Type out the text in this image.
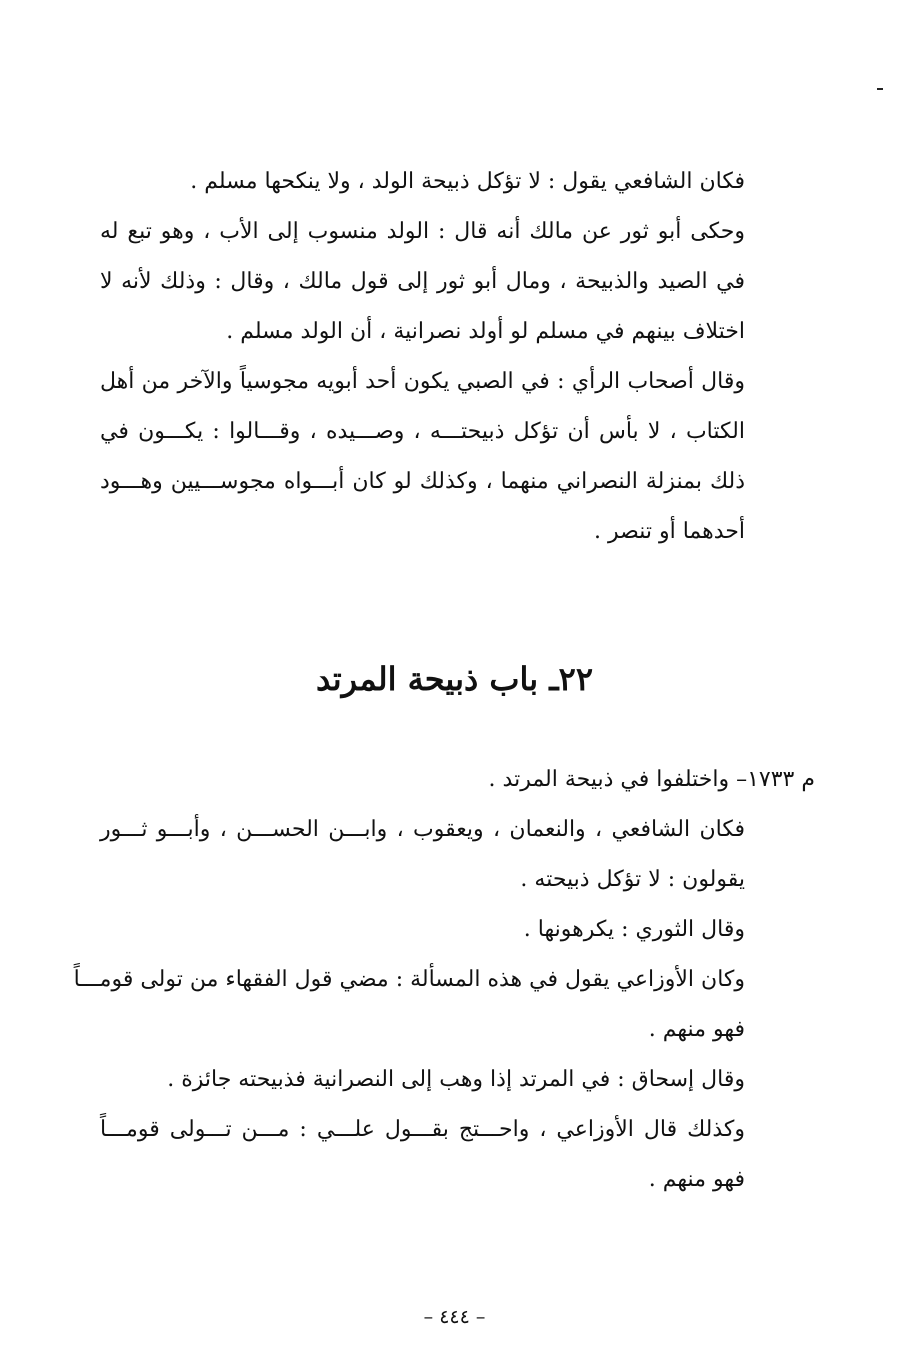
فكان الشافعي يقول : لا تؤكل ذبيحة الولد ، ولا ينكحها مسلم .
وحكى أبو ثور عن مالك أنه قال : الولد منسوب إلى الأب ، وهو تبع له
في الصيد والذبيحة ، ومال أبو ثور إلى قول مالك ، وقال : وذلك لأنه لا
اختلاف بينهم في مسلم لو أولد نصرانية ، أن الولد مسلم .
وقال أصحاب الرأي : في الصبي يكون أحد أبويه مجوسياً والآخر من أهل
الكتاب ، لا بأس أن تؤكل ذبيحتـــه ، وصـــيده ، وقـــالوا : يكـــون في
ذلك بمنزلة النصراني منهما ، وكذلك لو كان أبـــواه مجوســـيين وهـــود
أحدهما أو تنصر .
٢٢ـ باب ذبيحة المرتد
م ١٧٣٣– واختلفوا في ذبيحة المرتد .
فكان الشافعي ، والنعمان ، ويعقوب ، وابـــن الحســـن ، وأبـــو ثـــور
يقولون : لا تؤكل ذبيحته .
وقال الثوري : يكرهونها .
وكان الأوزاعي يقول في هذه المسألة : مضي قول الفقهاء من تولى قومـــاً
فهو منهم .
وقال إسحاق : في المرتد إذا وهب إلى النصرانية فذبيحته جائزة .
وكذلك قال الأوزاعي ، واحـــتج بقـــول علـــي : مـــن تـــولى قومـــاً
فهو منهم .
– ٤٤٤ –
